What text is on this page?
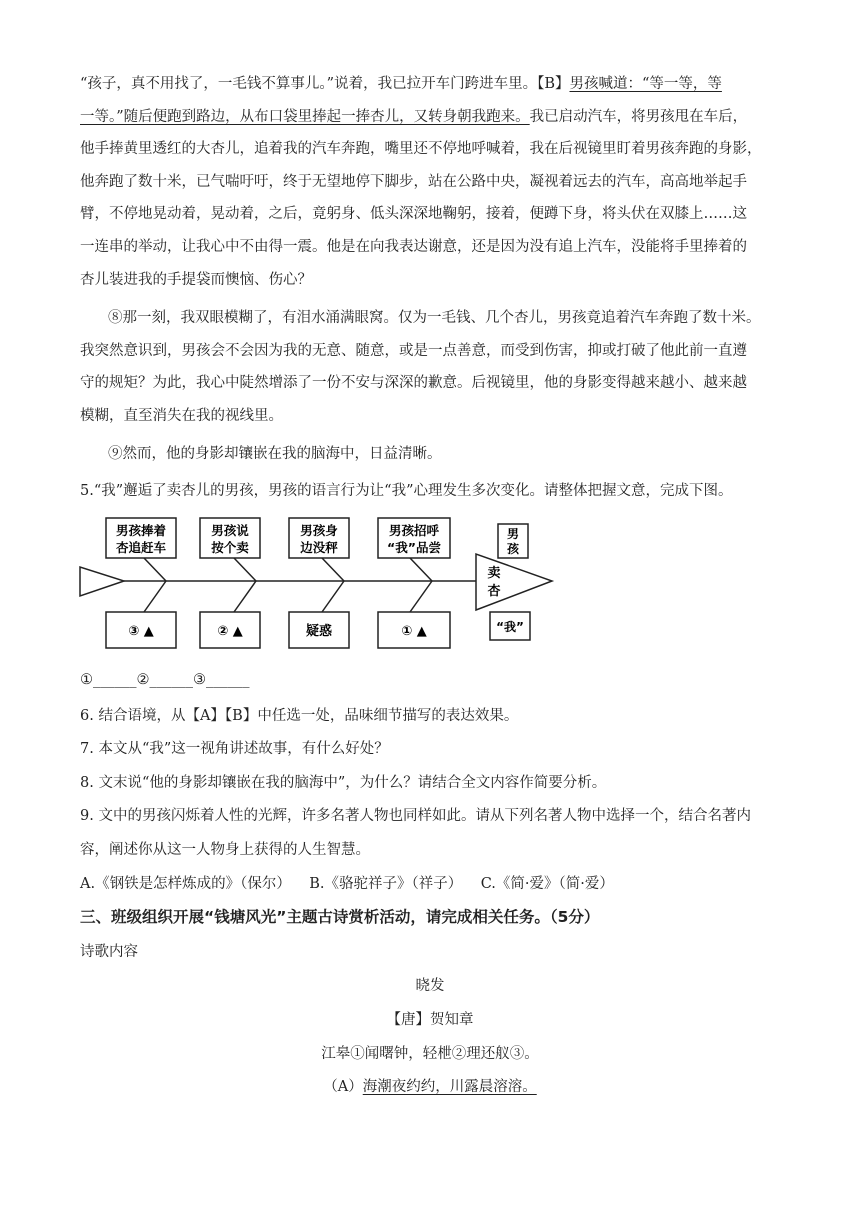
“孩子，真不用找了，一毛钱不算事儿。”说着，我已拉开车门跨进车里。【B】男孩喊道：“等一等，等
一等。”随后便跑到路边，从布口袋里捧起一捧杏儿，又转身朝我跑来。我已启动汽车，将男孩甩在车后，
他手捧黄里透红的大杏儿，追着我的汽车奔跑，嘴里还不停地呼喊着，我在后视镜里盯着男孩奔跑的身影，
他奔跑了数十米，已气喘吁吁，终于无望地停下脚步，站在公路中央，凝视着远去的汽车，高高地举起手
臂，不停地晃动着，晃动着，之后，竟躬身、低头深深地鞠躬，接着，便蹲下身，将头伏在双膝上……这
一连串的举动，让我心中不由得一震。他是在向我表达谢意，还是因为没有追上汽车，没能将手里捧着的
杏儿装进我的手提袋而懊恼、伤心？
⑧那一刻，我双眼模糊了，有泪水涌满眼窝。仅为一毛钱、几个杏儿，男孩竟追着汽车奔跑了数十米。
我突然意识到，男孩会不会因为我的无意、随意，或是一点善意，而受到伤害，抑或打破了他此前一直遵
守的规矩？为此，我心中陡然增添了一份不安与深深的歉意。后视镜里，他的身影变得越来越小、越来越
模糊，直至消失在我的视线里。
⑨然而，他的身影却镶嵌在我的脑海中，日益清晰。
5.“我”邂逅了卖杏儿的男孩，男孩的语言行为让“我”心理发生多次变化。请整体把握文意，完成下图。
男孩捧着
杏追赶车
男孩说
按个卖
男孩身
边没秤
男孩招呼
“我”品尝
③ ▲	② ▲	疑惑	① ▲
男
孩
卖
杏
“我”
①______②______③______
6. 结合语境，从【A】【B】中任选一处，品味细节描写的表达效果。
7. 本文从“我”这一视角讲述故事，有什么好处？
8. 文末说“他的身影却镶嵌在我的脑海中”，为什么？请结合全文内容作简要分析。
9. 文中的男孩闪烁着人性的光辉，许多名著人物也同样如此。请从下列名著人物中选择一个，结合名著内
容，阐述你从这一人物身上获得的人生智慧。
A.《钢铁是怎样炼成的》（保尔）    B.《骆驼祥子》（祥子）    C.《简·爱》（简·爱）
三、班级组织开展“钱塘风光”主题古诗赏析活动，请完成相关任务。（5分）
诗歌内容
晓发
【唐】贺知章
江皋①闻曙钟，轻枻②理还舣③。
（A）海潮夜约约，川露晨溶溶。
